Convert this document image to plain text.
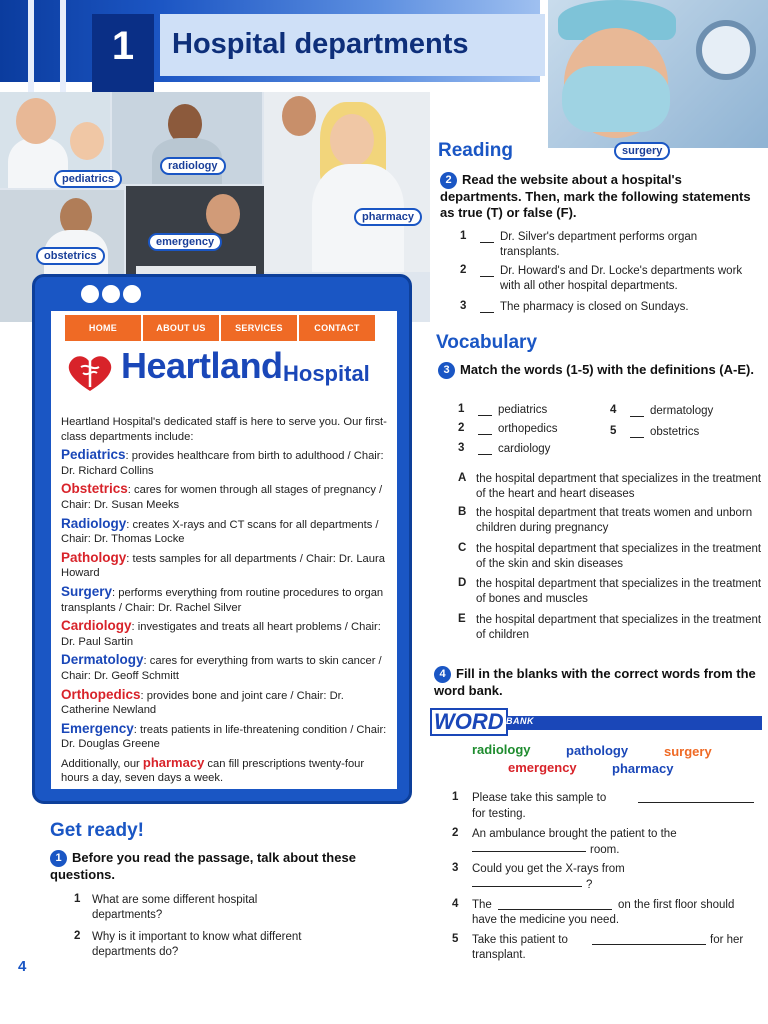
1	Hospital departments
surgery
pediatrics
radiology
obstetrics
emergency
pharmacy
HOME	ABOUT US	SERVICES	CONTACT
Heartland Hospital

Heartland Hospital's dedicated staff is here to serve you. Our first-class departments include:

Pediatrics: provides healthcare from birth to adulthood / Chair: Dr. Richard Collins

Obstetrics: cares for women through all stages of pregnancy / Chair: Dr. Susan Meeks

Radiology: creates X-rays and CT scans for all departments / Chair: Dr. Thomas Locke

Pathology: tests samples for all departments / Chair: Dr. Laura Howard

Surgery: performs everything from routine procedures to organ transplants / Chair: Dr. Rachel Silver

Cardiology: investigates and treats all heart problems / Chair: Dr. Paul Sartin

Dermatology: cares for everything from warts to skin cancer / Chair: Dr. Geoff Schmitt

Orthopedics: provides bone and joint care / Chair: Dr. Catherine Newland

Emergency: treats patients in life-threatening condition / Chair: Dr. Douglas Greene

Additionally, our pharmacy can fill prescriptions twenty-four hours a day, seven days a week.

Get ready!
1 Before you read the passage, talk about these questions.
1 What are some different hospital departments?
2 Why is it important to know what different departments do?
4
Reading
2 Read the website about a hospital's departments. Then, mark the following statements as true (T) or false (F).
1	Dr. Silver's department performs organ transplants.
2	Dr. Howard's and Dr. Locke's departments work with all other hospital departments.
3	The pharmacy is closed on Sundays.
Vocabulary
3 Match the words (1-5) with the definitions (A-E).
1	pediatrics
2	orthopedics
3	cardiology
4	dermatology
5	obstetrics
A the hospital department that specializes in the treatment of the heart and heart diseases
B the hospital department that treats women and unborn children during pregnancy
C the hospital department that specializes in the treatment of the skin and skin diseases
D the hospital department that specializes in the treatment of bones and muscles
E the hospital department that specializes in the treatment of children
4 Fill in the blanks with the correct words from the word bank.
WORD BANK
radiology	pathology	surgery
emergency	pharmacy
1 Please take this sample to
for testing.
2 An ambulance brought the patient to the
room.
3 Could you get the X-rays from
?
4 The	on the first floor should have the medicine you need.
5 Take this patient to	for her transplant.
